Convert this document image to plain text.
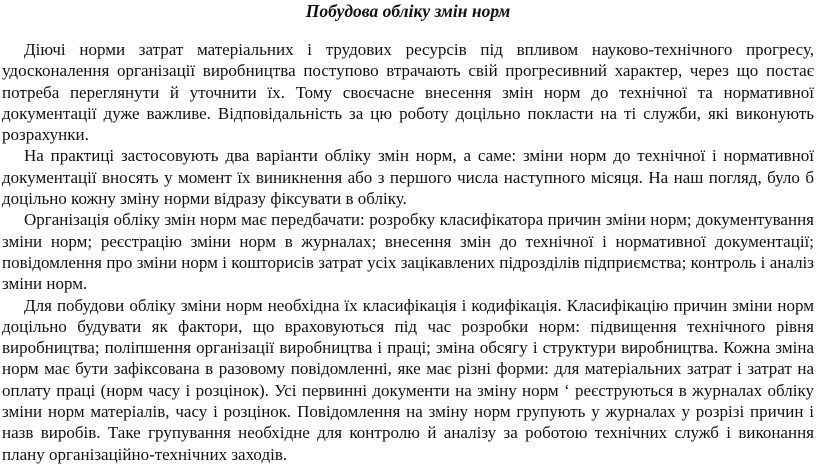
Побудова обліку змін норм

Діючі норми затрат матеріальних і трудових ресурсів під впливом науково-технічного прогресу, удосконалення організації виробництва поступово втрачають свій прогресивний характер, через що постає потреба переглянути й уточнити їх. Тому своєчасне внесення змін норм до технічної та нормативної документації дуже важливе. Відповідальність за цю роботу доцільно покласти на ті служби, які виконують розрахунки.

На практиці застосовують два варіанти обліку змін норм, а саме: зміни норм до технічної і нормативної документації вносять у момент їх виникнення або з першого числа наступного місяця. На наш погляд, було б доцільно кожну зміну норми відразу фіксувати в обліку.

Організація обліку змін норм має передбачати: розробку класифікатора причин зміни норм; документування зміни норм; реєстрацію зміни норм в журналах; внесення змін до технічної і нормативної документації; повідомлення про зміни норм і кошторисів затрат усіх зацікавлених підрозділів підприємства; контроль і аналіз зміни норм.

Для побудови обліку зміни норм необхідна їх класифікація і кодифікація. Класифікацію причин зміни норм доцільно будувати як фактори, що враховуються під час розробки норм: підвищення технічного рівня виробництва; поліпшення організації виробництва і праці; зміна обсягу і структури виробництва. Кожна зміна норм має бути зафіксована в разовому повідомленні, яке має різні форми: для матеріальних затрат і затрат на оплату праці (норм часу і розцінок). Усі первинні документи на зміну норм ‘ реєструються в журналах обліку зміни норм матеріалів, часу і розцінок. Повідомлення на зміну норм групують у журналах у розрізі причин і назв виробів. Таке групування необхідне для контролю й аналізу за роботою технічних служб і виконання плану організаційно-технічних заходів.
